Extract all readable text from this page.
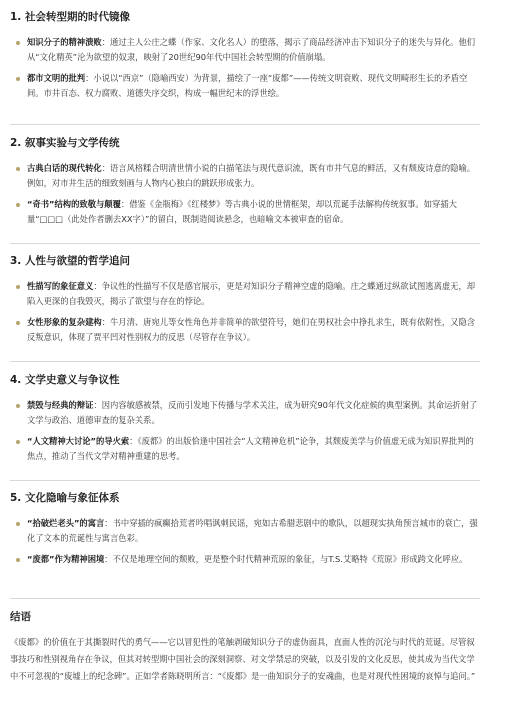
1. 社会转型期的时代镜像
知识分子的精神溃败：通过主人公庄之蝶（作家、文化名人）的堕落，揭示了商品经济冲击下知识分子的迷失与异化。他们从“文化精英”沦为欲望的奴隶，映射了20世纪90年代中国社会转型期的价值崩塌。
都市文明的批判：小说以“西京”（隐喻西安）为背景，描绘了一座“废都”——传统文明衰败、现代文明畸形生长的矛盾空间。市井百态、权力腐败、道德失序交织，构成一幅世纪末的浮世绘。
2. 叙事实验与文学传统
古典白话的现代转化：语言风格糅合明清世情小说的白描笔法与现代意识流，既有市井气息的鲜活，又有颓废诗意的隐喻。例如，对市井生活的细致刻画与人物内心独白的跳跃形成张力。
“奇书”结构的致敬与颠覆：借鉴《金瓶梅》《红楼梦》等古典小说的世情框架，却以荒诞手法解构传统叙事。如穿插大量“□□□（此处作者删去XX字）”的留白，既制造阅读悬念，也暗喻文本被审查的宿命。
3. 人性与欲望的哲学追问
性描写的象征意义：争议性的性描写不仅是感官展示，更是对知识分子精神空虚的隐喻。庄之蝶通过纵欲试图逃离虚无，却陷入更深的自我毁灭，揭示了欲望与存在的悖论。
女性形象的复杂建构：牛月清、唐宛儿等女性角色并非简单的欲望符号，她们在男权社会中挣扎求生，既有依附性，又隐含反叛意识，体现了贾平凹对性别权力的反思（尽管存在争议）。
4. 文学史意义与争议性
禁毁与经典的辩证：因内容敏感被禁，反而引发地下传播与学术关注，成为研究90年代文化症候的典型案例。其命运折射了文学与政治、道德审查的复杂关系。
“人文精神大讨论”的导火索：《废都》的出版恰逢中国社会“人文精神危机”论争，其颓废美学与价值虚无成为知识界批判的焦点，推动了当代文学对精神重建的思考。
5. 文化隐喻与象征体系
“拾破烂老头”的寓言：书中穿插的疯癫拾荒者吟唱讽刺民谣，宛如古希腊悲剧中的歌队，以超现实执角预言城市的衰亡，强化了文本的荒诞性与寓言色彩。
“废都”作为精神困境：不仅是地理空间的颓败，更是整个时代精神荒原的象征，与T.S.艾略特《荒原》形成跨文化呼应。
结语

《废都》的价值在于其撕裂时代的勇气——它以冒犯性的笔触剥破知识分子的虚伪面具，直面人性的沉沦与时代的荒诞。尽管叙事技巧和性别视角存在争议，但其对转型期中国社会的深刻洞察、对文学禁忌的突破，以及引发的文化反思，使其成为当代文学中不可忽视的“废墟上的纪念碑”。正如学者陈晓明所言：“《废都》是一曲知识分子的安魂曲，也是对现代性困境的哀悼与追问。”
